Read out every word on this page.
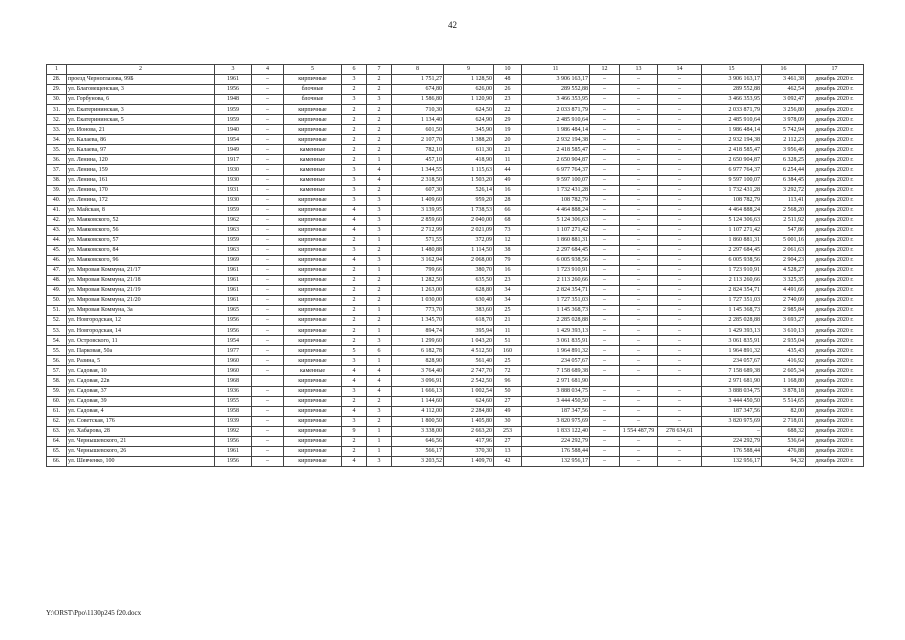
42
1	2	3	4	5	6	7	8	9	10	11	12	13	14	15	16	17
28.	проезд Черноглазова, 99Б	1961	–	кирпичные	3	2	1 751,27	1 128,50	48	3 906 163,17	–	–	–	3 906 163,17	3 461,38	декабрь 2020 г.
29.	ул. Благовещенская, 3	1956	–	блочные	2	2	674,80	626,00	26	289 552,88	–	–	–	289 552,88	462,54	декабрь 2020 г.
30.	ул. Горбунова, 6	1948	–	блочные	3	3	1 586,80	1 120,90	23	3 466 353,95	–	–	–	3 466 353,95	3 092,47	декабрь 2020 г.
31.	ул. Екатерининская, 3	1959	–	кирпичные	2	2	710,30	624,50	22	2 033 871,79	–	–	–	2 033 871,79	3 256,80	декабрь 2020 г.
32.	ул. Екатерининская, 5	1959	–	кирпичные	2	2	1 134,40	624,90	29	2 485 910,64	–	–	–	2 485 910,64	3 978,09	декабрь 2020 г.
33.	ул. Ионова, 21	1940	–	кирпичные	2	2	601,50	345,90	19	1 986 484,14	–	–	–	1 986 484,14	5 742,94	декабрь 2020 г.
34.	ул. Калаева, 86	1954	–	кирпичные	2	2	2 107,70	1 388,20	20	2 932 194,38	–	–	–	2 932 194,38	2 112,23	декабрь 2020 г.
35.	ул. Калаева, 97	1949	–	каменные	2	2	782,10	611,30	21	2 418 585,47	–	–	–	2 418 585,47	3 956,46	декабрь 2020 г.
36.	ул. Ленина, 120	1917	–	каменные	2	1	457,10	418,90	11	2 650 904,87	–	–	–	2 650 904,87	6 328,25	декабрь 2020 г.
37.	ул. Ленина, 159	1930	–	каменные	3	4	1 344,55	1 115,63	44	6 977 764,37	–	–	–	6 977 764,37	6 254,44	декабрь 2020 г.
38.	ул. Ленина, 161	1930	–	каменные	3	4	2 318,50	1 503,20	49	9 597 100,07	–	–	–	9 597 100,07	6 384,45	декабрь 2020 г.
39.	ул. Ленина, 170	1931	–	каменные	3	2	607,30	526,14	16	1 732 431,28	–	–	–	1 732 431,28	3 292,72	декабрь 2020 г.
40.	ул. Ленина, 172	1930	–	кирпичные	3	3	1 409,60	959,20	28	108 782,79	–	–	–	108 782,79	113,41	декабрь 2020 г.
41.	ул. Майская, 8	1959	–	кирпичные	4	3	3 139,95	1 738,53	66	4 464 888,24	–	–	–	4 464 888,24	2 568,20	декабрь 2020 г.
42.	ул. Маяковского, 52	1962	–	кирпичные	4	3	2 859,60	2 040,00	68	5 124 306,63	–	–	–	5 124 306,63	2 511,92	декабрь 2020 г.
43.	ул. Маяковского, 56	1963	–	кирпичные	4	3	2 712,99	2 021,09	73	1 107 271,42	–	–	–	1 107 271,42	547,86	декабрь 2020 г.
44.	ул. Маяковского, 57	1959	–	кирпичные	2	1	571,55	372,09	12	1 860 881,31	–	–	–	1 860 881,31	5 001,16	декабрь 2020 г.
45.	ул. Маяковского, 84	1963	–	кирпичные	3	2	1 480,88	1 114,50	38	2 297 684,45	–	–	–	2 297 684,45	2 061,63	декабрь 2020 г.
46.	ул. Маяковского, 96	1969	–	кирпичные	4	3	3 162,94	2 068,00	79	6 005 938,56	–	–	–	6 005 938,56	2 904,23	декабрь 2020 г.
47.	ул. Мировая Коммуна, 21/17	1961	–	кирпичные	2	1	799,66	380,70	16	1 723 910,91	–	–	–	1 723 910,91	4 528,27	декабрь 2020 г.
48.	ул. Мировая Коммуна, 21/18	1961	–	кирпичные	2	2	1 282,50	635,50	23	2 113 260,66	–	–	–	2 113 260,66	3 325,35	декабрь 2020 г.
49.	ул. Мировая Коммуна, 21/19	1961	–	кирпичные	2	2	1 263,00	628,80	34	2 824 354,71	–	–	–	2 824 354,71	4 491,66	декабрь 2020 г.
50.	ул. Мировая Коммуна, 21/20	1961	–	кирпичные	2	2	1 030,00	630,40	34	1 727 351,03	–	–	–	1 727 351,03	2 740,09	декабрь 2020 г.
51.	ул. Мировая Коммуна, 3а	1965	–	кирпичные	2	1	773,70	383,60	25	1 145 368,73	–	–	–	1 145 368,73	2 985,84	декабрь 2020 г.
52.	ул. Новгородская, 12	1956	–	кирпичные	2	2	1 345,70	618,70	21	2 285 028,88	–	–	–	2 285 028,88	3 693,27	декабрь 2020 г.
53.	ул. Новгородская, 14	1956	–	кирпичные	2	1	894,74	395,94	11	1 429 393,13	–	–	–	1 429 393,13	3 610,13	декабрь 2020 г.
54.	ул. Островского, 11	1954	–	кирпичные	2	3	1 299,60	1 043,20	51	3 061 835,91	–	–	–	3 061 835,91	2 935,04	декабрь 2020 г.
55.	ул. Парковая, 50а	1977	–	кирпичные	5	6	6 182,78	4 512,50	160	1 964 891,32	–	–	–	1 964 891,32	435,43	декабрь 2020 г.
56.	ул. Разина, 5	1960	–	кирпичные	3	1	828,90	561,40	25	234 057,67	–	–	–	234 057,67	416,92	декабрь 2020 г.
57.	ул. Садовая, 10	1960	–	каменные	4	4	3 764,40	2 747,70	72	7 158 689,38	–	–	–	7 158 689,38	2 605,34	декабрь 2020 г.
58.	ул. Садовая, 22в	1968		кирпичные	4	4	3 096,91	2 542,50	96	2 971 681,90				2 971 681,90	1 168,80	декабрь 2020 г.
59.	ул. Садовая, 37	1936	–	кирпичные	3	4	1 666,13	1 002,54	50	3 888 034,75	–	–	–	3 888 034,75	3 878,18	декабрь 2020 г.
60.	ул. Садовая, 39	1955	–	кирпичные	2	2	1 144,60	624,60	27	3 444 450,50	–	–	–	3 444 450,50	5 514,65	декабрь 2020 г.
61.	ул. Садовая, 4	1958	–	кирпичные	4	3	4 112,00	2 284,80	49	187 347,56	–	–	–	187 347,56	82,00	декабрь 2020 г.
62.	ул. Советская, 176	1939	–	кирпичные	3	2	1 800,50	1 405,80	30	3 820 975,69	–	–	–	3 820 975,69	2 718,01	декабрь 2020 г.
63.	ул. Хабарова, 28	1992	–	кирпичные	9	1	3 338,00	2 663,20	253	1 833 122,40	–	1 554 487,79	278 634,61	–	688,32	декабрь 2020 г.
64.	ул. Чернышевского, 21	1956	–	кирпичные	2	1	646,56	417,96	27	224 292,79	–	–	–	224 292,79	536,64	декабрь 2020 г.
65.	ул. Чернышевского, 26	1961	–	кирпичные	2	1	566,17	370,30	13	176 588,44	–	–	–	176 588,44	476,88	декабрь 2020 г.
66.	ул. Шевченко, 100	1956	–	кирпичные	4	3	3 203,52	1 409,70	42	132 956,17	–	–	–	132 956,17	94,32	декабрь 2020 г.
Y:\ORST\Ppo\1130p245 f20.docx
